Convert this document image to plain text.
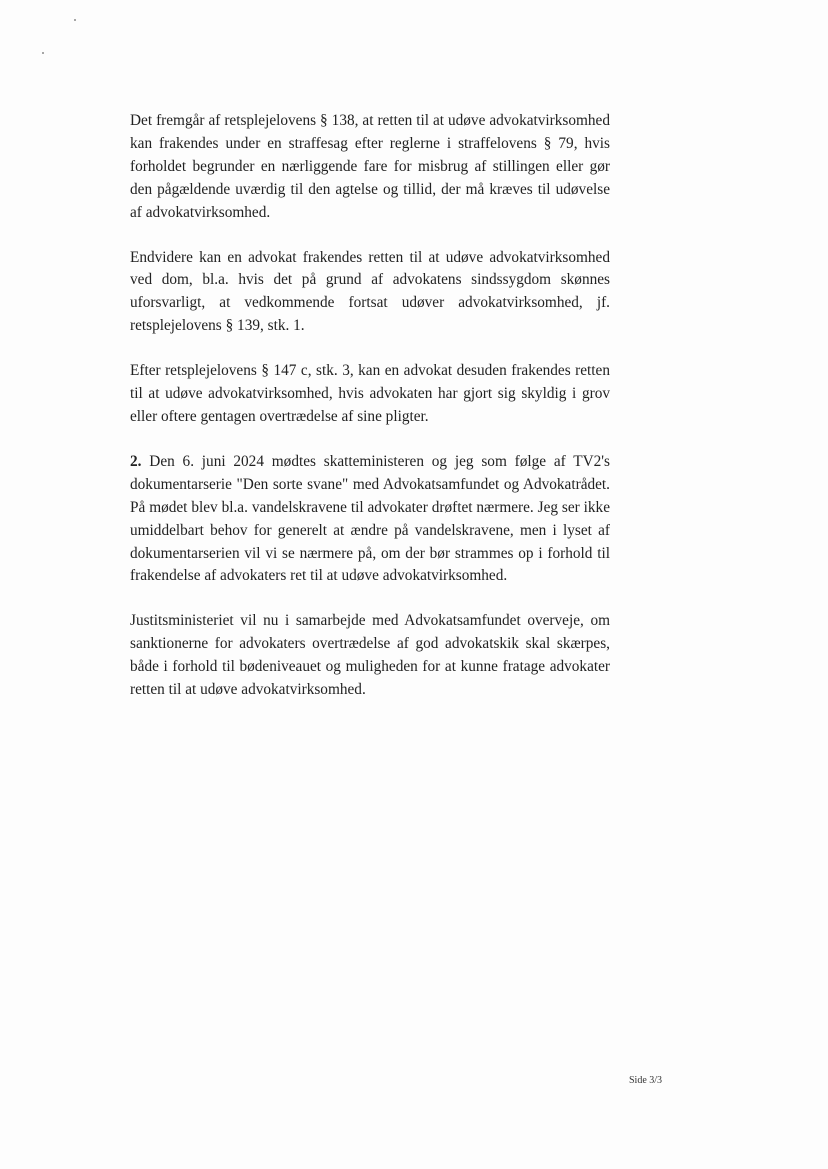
Det fremgår af retsplejelovens § 138, at retten til at udøve advokatvirksomhed kan frakendes under en straffesag efter reglerne i straffelovens § 79, hvis forholdet begrunder en nærliggende fare for misbrug af stillingen eller gør den pågældende uværdig til den agtelse og tillid, der må kræves til udøvelse af advokatvirksomhed.

Endvidere kan en advokat frakendes retten til at udøve advokatvirksomhed ved dom, bl.a. hvis det på grund af advokatens sindssygdom skønnes uforsvarligt, at vedkommende fortsat udøver advokatvirksomhed, jf. retsplejelovens § 139, stk. 1.

Efter retsplejelovens § 147 c, stk. 3, kan en advokat desuden frakendes retten til at udøve advokatvirksomhed, hvis advokaten har gjort sig skyldig i grov eller oftere gentagen overtrædelse af sine pligter.

2. Den 6. juni 2024 mødtes skatteministeren og jeg som følge af TV2's dokumentarserie "Den sorte svane" med Advokatsamfundet og Advokatrådet. På mødet blev bl.a. vandelskravene til advokater drøftet nærmere. Jeg ser ikke umiddelbart behov for generelt at ændre på vandelskravene, men i lyset af dokumentarserien vil vi se nærmere på, om der bør strammes op i forhold til frakendelse af advokaters ret til at udøve advokatvirksomhed.

Justitsministeriet vil nu i samarbejde med Advokatsamfundet overveje, om sanktionerne for advokaters overtrædelse af god advokatskik skal skærpes, både i forhold til bødeniveauet og muligheden for at kunne fratage advokater retten til at udøve advokatvirksomhed.

Side 3/3
